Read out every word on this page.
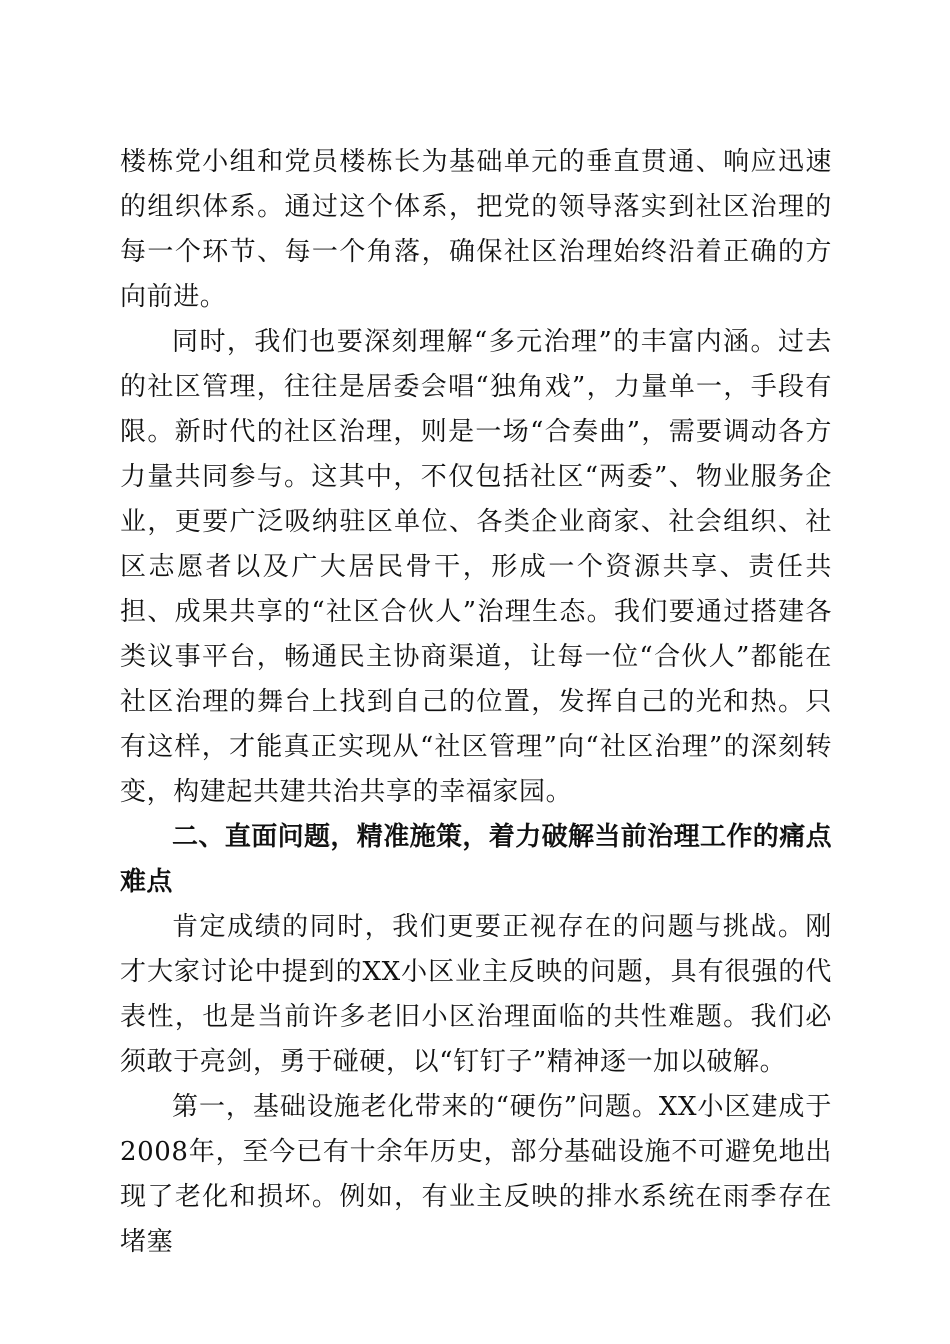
楼栋党小组和党员楼栋长为基础单元的垂直贯通、响应迅速的组织体系。通过这个体系，把党的领导落实到社区治理的每一个环节、每一个角落，确保社区治理始终沿着正确的方向前进。

同时，我们也要深刻理解“多元治理”的丰富内涵。过去的社区管理，往往是居委会唱“独角戏”，力量单一，手段有限。新时代的社区治理，则是一场“合奏曲”，需要调动各方力量共同参与。这其中，不仅包括社区“两委”、物业服务企业，更要广泛吸纳驻区单位、各类企业商家、社会组织、社区志愿者以及广大居民骨干，形成一个资源共享、责任共担、成果共享的“社区合伙人”治理生态。我们要通过搭建各类议事平台，畅通民主协商渠道，让每一位“合伙人”都能在社区治理的舞台上找到自己的位置，发挥自己的光和热。只有这样，才能真正实现从“社区管理”向“社区治理”的深刻转变，构建起共建共治共享的幸福家园。

二、直面问题，精准施策，着力破解当前治理工作的痛点难点

肯定成绩的同时，我们更要正视存在的问题与挑战。刚才大家讨论中提到的XX小区业主反映的问题，具有很强的代表性，也是当前许多老旧小区治理面临的共性难题。我们必须敢于亮剑，勇于碰硬，以“钉钉子”精神逐一加以破解。

第一，基础设施老化带来的“硬伤”问题。XX小区建成于2008年，至今已有十余年历史，部分基础设施不可避免地出现了老化和损坏。例如，有业主反映的排水系统在雨季存在堵塞
